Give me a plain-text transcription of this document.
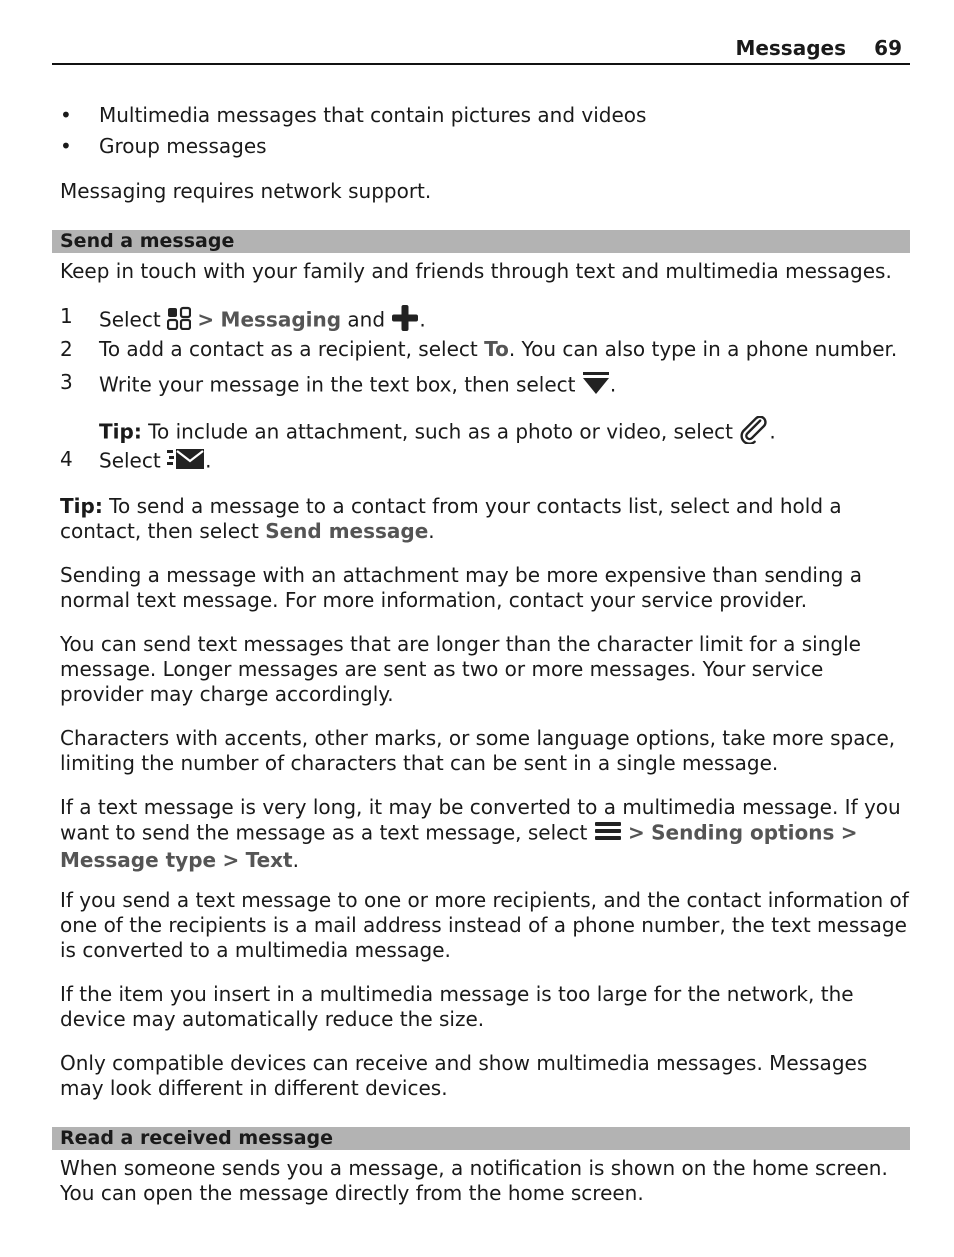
Messages 69
• Multimedia messages that contain pictures and videos
• Group messages
Messaging requires network support.
Send a message
Keep in touch with your family and friends through text and multimedia messages.
1 Select > Messaging and .
2 To add a contact as a recipient, select To. You can also type in a phone number.
3 Write your message in the text box, then select .
Tip: To include an attachment, such as a photo or video, select .
4 Select .
Tip: To send a message to a contact from your contacts list, select and hold a contact, then select Send message.
Sending a message with an attachment may be more expensive than sending a normal text message. For more information, contact your service provider.
You can send text messages that are longer than the character limit for a single message. Longer messages are sent as two or more messages. Your service provider may charge accordingly.
Characters with accents, other marks, or some language options, take more space, limiting the number of characters that can be sent in a single message.
If a text message is very long, it may be converted to a multimedia message. If you want to send the message as a text message, select > Sending options > Message type > Text.
If you send a text message to one or more recipients, and the contact information of one of the recipients is a mail address instead of a phone number, the text message is converted to a multimedia message.
If the item you insert in a multimedia message is too large for the network, the device may automatically reduce the size.
Only compatible devices can receive and show multimedia messages. Messages may look different in different devices.
Read a received message
When someone sends you a message, a notification is shown on the home screen. You can open the message directly from the home screen.
